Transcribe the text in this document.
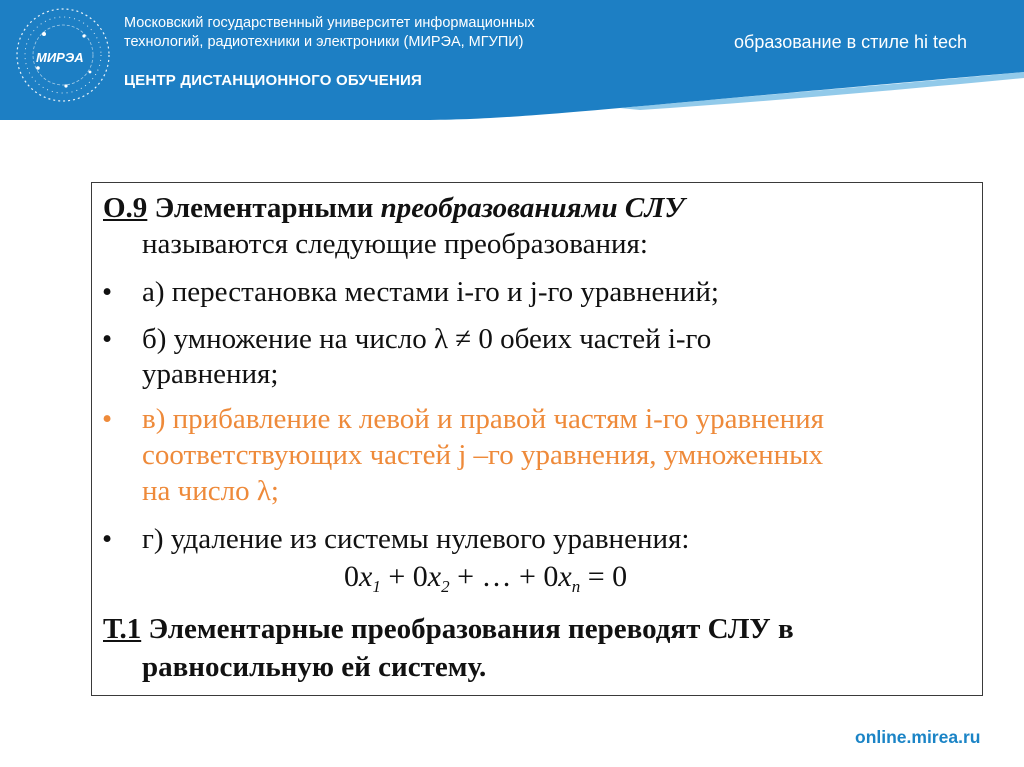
МИРЭА
Московский государственный университет информационных
технологий, радиотехники и электроники (МИРЭА, МГУПИ)
ЦЕНТР ДИСТАНЦИОННОГО ОБУЧЕНИЯ
образование в стиле hi tech
О.9 Элементарными преобразованиями СЛУ
называются следующие преобразования:
• а) перестановка местами i-го и j-го уравнений;
• б) умножение на число λ ≠ 0 обеих частей i-го
уравнения;
• в) прибавление к левой и правой частям i-го уравнения
соответствующих частей j –го уравнения, умноженных
на число λ;
• г) удаление из системы нулевого уравнения:
$0x_1 + 0x_2$ + … + $0x_n = 0$
Т.1 Элементарные преобразования переводят СЛУ в
равносильную ей систему.
online.mirea.ru
